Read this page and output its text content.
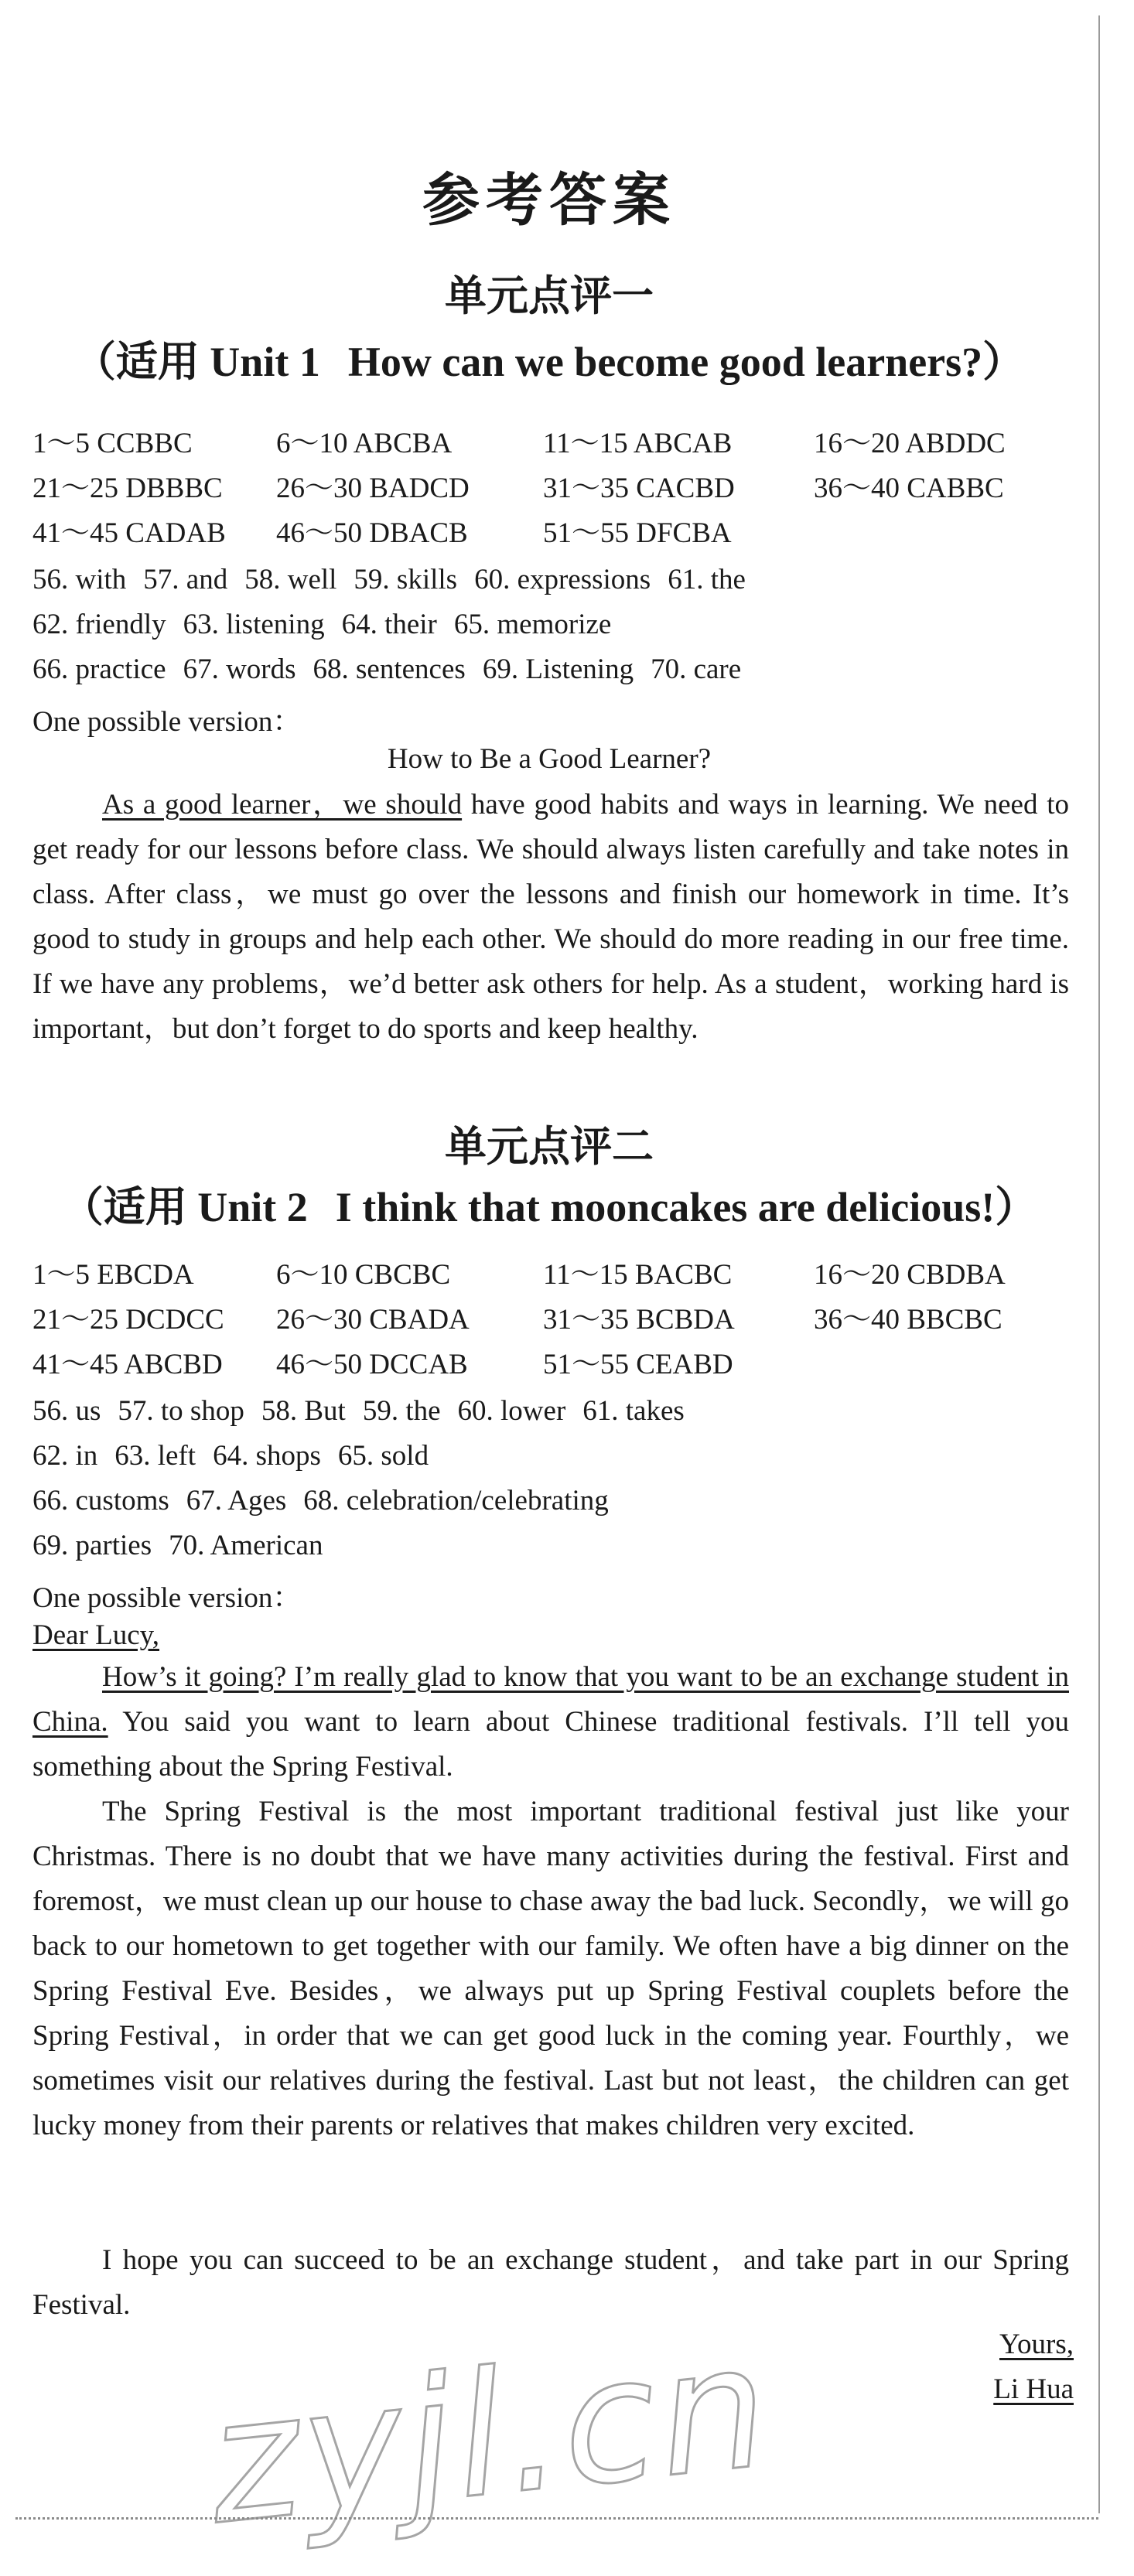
参考答案
单元点评一
（适用 Unit 1 How can we become good learners?）
1～5 CCBBC	6～10 ABCBA	11～15 ABCAB	16～20 ABDDC
21～25 DBBBC 26～30 BADCD	31～35 CACBD	36～40 CABBC
41～45 CADAB 46～50 DBACB	51～55 DFCBA
56. with 57. and 58. well 59. skills 60. expressions 61. the
62. friendly 63. listening 64. their 65. memorize
66. practice 67. words 68. sentences 69. Listening 70. care
One possible version：
How to Be a Good Learner?
As a good learner，we should have good habits and ways in learning. We need to get ready for our lessons before class. We should always listen carefully and take notes in class. After class，we must go over the lessons and finish our homework in time. It’s good to study in groups and help each other. We should do more reading in our free time. If we have any problems，we’d better ask others for help. As a student，working hard is important，but don’t forget to do sports and keep healthy.
单元点评二
（适用 Unit 2 I think that mooncakes are delicious!）
1～5 EBCDA	6～10 CBCBC	11～15 BACBC	16～20 CBDBA
21～25 DCDCC 26～30 CBADA	31～35 BCBDA	36～40 BBCBC
41～45 ABCBD 46～50 DCCAB	51～55 CEABD
56. us 57. to shop 58. But 59. the 60. lower 61. takes
62. in 63. left 64. shops 65. sold
66. customs 67. Ages 68. celebration/celebrating
69. parties 70. American
One possible version：
Dear Lucy,
How’s it going? I’m really glad to know that you want to be an exchange student in China. You said you want to learn about Chinese traditional festivals. I’ll tell you something about the Spring Festival.
The Spring Festival is the most important traditional festival just like your Christmas. There is no doubt that we have many activities during the festival. First and foremost，we must clean up our house to chase away the bad luck. Secondly，we will go back to our hometown to get together with our family. We often have a big dinner on the Spring Festival Eve. Besides，we always put up Spring Festival couplets before the Spring Festival，in order that we can get good luck in the coming year. Fourthly，we sometimes visit our relatives during the festival. Last but not least，the children can get lucky money from their parents or relatives that makes children very excited.
I hope you can succeed to be an exchange student，and take part in our Spring Festival.
Yours,
Li Hua
zyjl.cn
